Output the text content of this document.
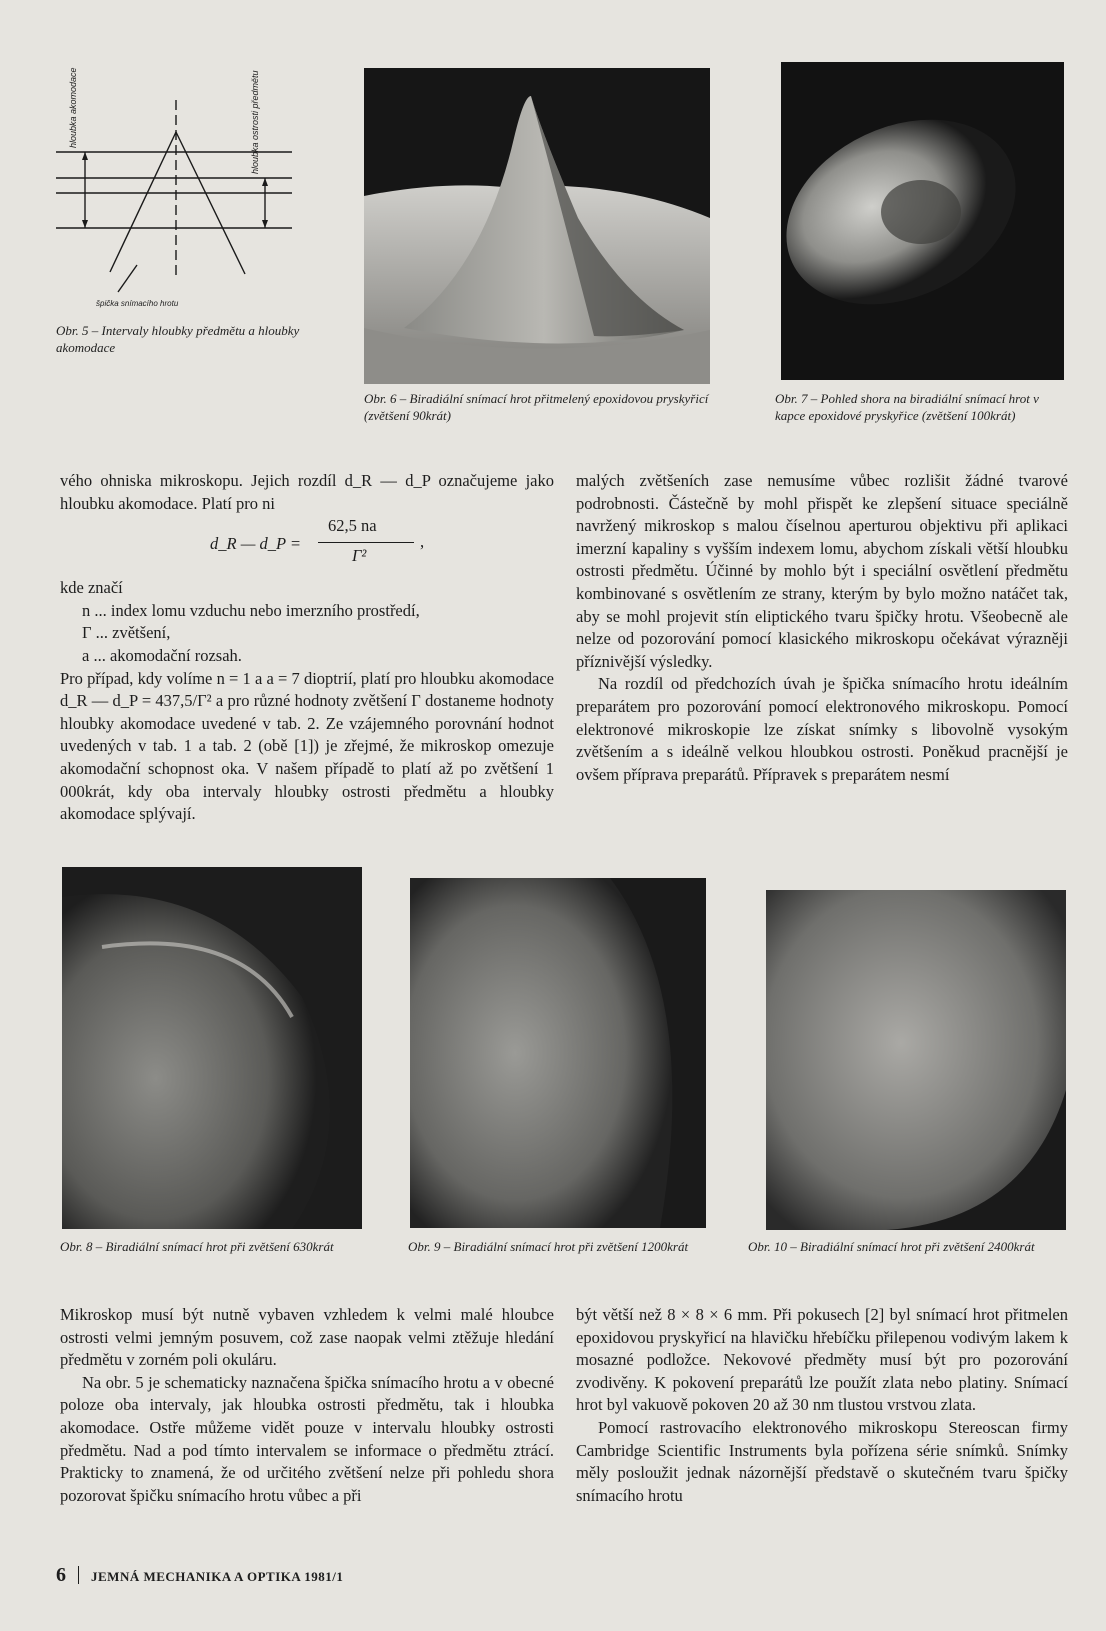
hloubka akomodace	hloubka ostrosti předmětu
špička snímacího hrotu
Obr. 5 – Intervaly hloubky předmětu a hloubky akomodace
Obr. 6 – Biradiální snímací hrot přitmelený epoxidovou pryskyřicí (zvětšení 90krát)
Obr. 7 – Pohled shora na biradiální snímací hrot v kapce epoxidové pryskyřice (zvětšení 100krát)

vého ohniska mikroskopu. Jejich rozdíl d_R — d_P označujeme jako hloubku akomodace. Platí pro ni

d_R — d_P =
62,5 na
Γ²
,

kde značí

n ... index lomu vzduchu nebo imerzního prostředí,

Γ ... zvětšení,

a ... akomodační rozsah.

Pro případ, kdy volíme n = 1 a a = 7 dioptrií, platí pro hloubku akomodace d_R — d_P = 437,5/Γ² a pro různé hodnoty zvětšení Γ dostaneme hodnoty hloubky akomodace uvedené v tab. 2. Ze vzájemného porovnání hodnot uvedených v tab. 1 a tab. 2 (obě [1]) je zřejmé, že mikroskop omezuje akomodační schopnost oka. V našem případě to platí až po zvětšení 1 000krát, kdy oba intervaly hloubky ostrosti předmětu a hloubky akomodace splývají.

malých zvětšeních zase nemusíme vůbec rozlišit žádné tvarové podrobnosti. Částečně by mohl přispět ke zlepšení situace speciálně navržený mikroskop s malou číselnou aperturou objektivu při aplikaci imerzní kapaliny s vyšším indexem lomu, abychom získali větší hloubku ostrosti předmětu. Účinné by mohlo být i speciální osvětlení předmětu kombinované s osvětlením ze strany, kterým by bylo možno natáčet tak, aby se mohl projevit stín eliptického tvaru špičky hrotu. Všeobecně ale nelze od pozorování pomocí klasického mikroskopu očekávat výrazněji příznivější výsledky.

Na rozdíl od předchozích úvah je špička snímacího hrotu ideálním preparátem pro pozorování pomocí elektronového mikroskopu. Pomocí elektronové mikroskopie lze získat snímky s libovolně vysokým zvětšením a s ideálně velkou hloubkou ostrosti. Poněkud pracnější je ovšem příprava preparátů. Přípravek s preparátem nesmí

Obr. 8 – Biradiální snímací hrot při zvětšení 630krát	Obr. 9 – Biradiální snímací hrot při zvětšení 1200krát	Obr. 10 – Biradiální snímací hrot při zvětšení 2400krát

Mikroskop musí být nutně vybaven vzhledem k velmi malé hloubce ostrosti velmi jemným posuvem, což zase naopak velmi ztěžuje hledání předmětu v zorném poli okuláru.

Na obr. 5 je schematicky naznačena špička snímacího hrotu a v obecné poloze oba intervaly, jak hloubka ostrosti předmětu, tak i hloubka akomodace. Ostře můžeme vidět pouze v intervalu hloubky ostrosti předmětu. Nad a pod tímto intervalem se informace o předmětu ztrácí. Prakticky to znamená, že od určitého zvětšení nelze při pohledu shora pozorovat špičku snímacího hrotu vůbec a při

být větší než 8 × 8 × 6 mm. Při pokusech [2] byl snímací hrot přitmelen epoxidovou pryskyřicí na hlavičku hřebíčku přilepenou vodivým lakem k mosazné podložce. Nekovové předměty musí být pro pozorování zvodivěny. K pokovení preparátů lze použít zlata nebo platiny. Snímací hrot byl vakuově pokoven 20 až 30 nm tlustou vrstvou zlata.

Pomocí rastrovacího elektronového mikroskopu Stereoscan firmy Cambridge Scientific Instruments byla pořízena série snímků. Snímky měly posloužit jednak názornější představě o skutečném tvaru špičky snímacího hrotu

6 JEMNÁ MECHANIKA A OPTIKA 1981/1
